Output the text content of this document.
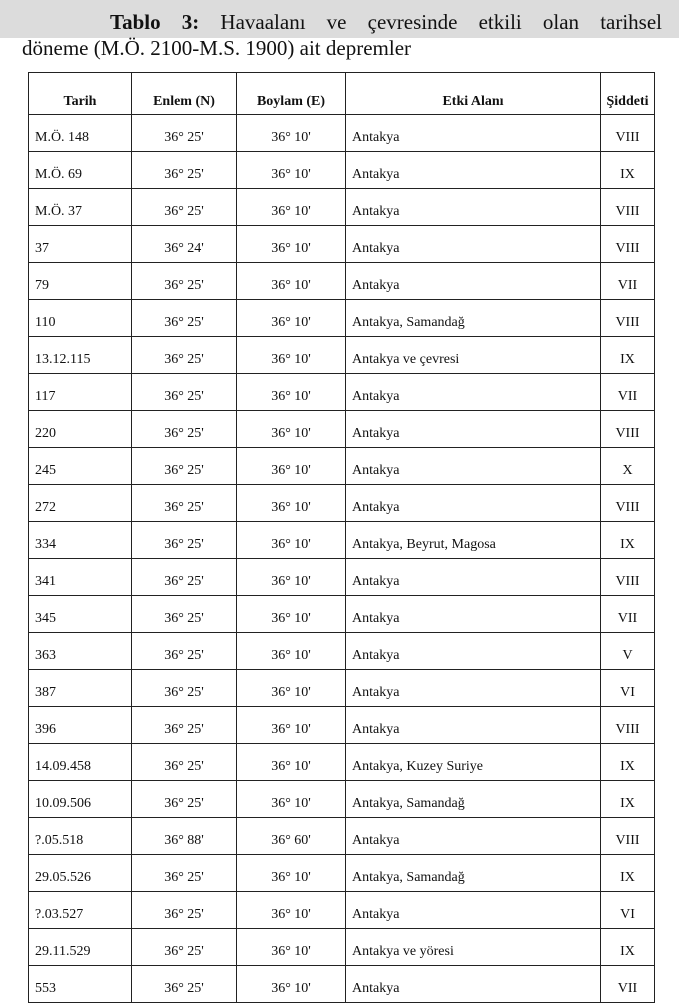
Tablo 3: Havaalanı ve çevresinde etkili olan tarihsel
döneme (M.Ö. 2100-M.S. 1900) ait depremler
Tarih	Enlem (N)	Boylam (E)	Etki Alanı	Şiddeti
M.Ö. 148	36° 25'	36° 10'	Antakya	VIII
M.Ö. 69	36° 25'	36° 10'	Antakya	IX
M.Ö. 37	36° 25'	36° 10'	Antakya	VIII
37	36° 24'	36° 10'	Antakya	VIII
79	36° 25'	36° 10'	Antakya	VII
110	36° 25'	36° 10'	Antakya, Samandağ	VIII
13.12.115	36° 25'	36° 10'	Antakya ve çevresi	IX
117	36° 25'	36° 10'	Antakya	VII
220	36° 25'	36° 10'	Antakya	VIII
245	36° 25'	36° 10'	Antakya	X
272	36° 25'	36° 10'	Antakya	VIII
334	36° 25'	36° 10'	Antakya, Beyrut, Magosa	IX
341	36° 25'	36° 10'	Antakya	VIII
345	36° 25'	36° 10'	Antakya	VII
363	36° 25'	36° 10'	Antakya	V
387	36° 25'	36° 10'	Antakya	VI
396	36° 25'	36° 10'	Antakya	VIII
14.09.458	36° 25'	36° 10'	Antakya, Kuzey Suriye	IX
10.09.506	36° 25'	36° 10'	Antakya, Samandağ	IX
?.05.518	36° 88'	36° 60'	Antakya	VIII
29.05.526	36° 25'	36° 10'	Antakya, Samandağ	IX
?.03.527	36° 25'	36° 10'	Antakya	VI
29.11.529	36° 25'	36° 10'	Antakya ve yöresi	IX
553	36° 25'	36° 10'	Antakya	VII
